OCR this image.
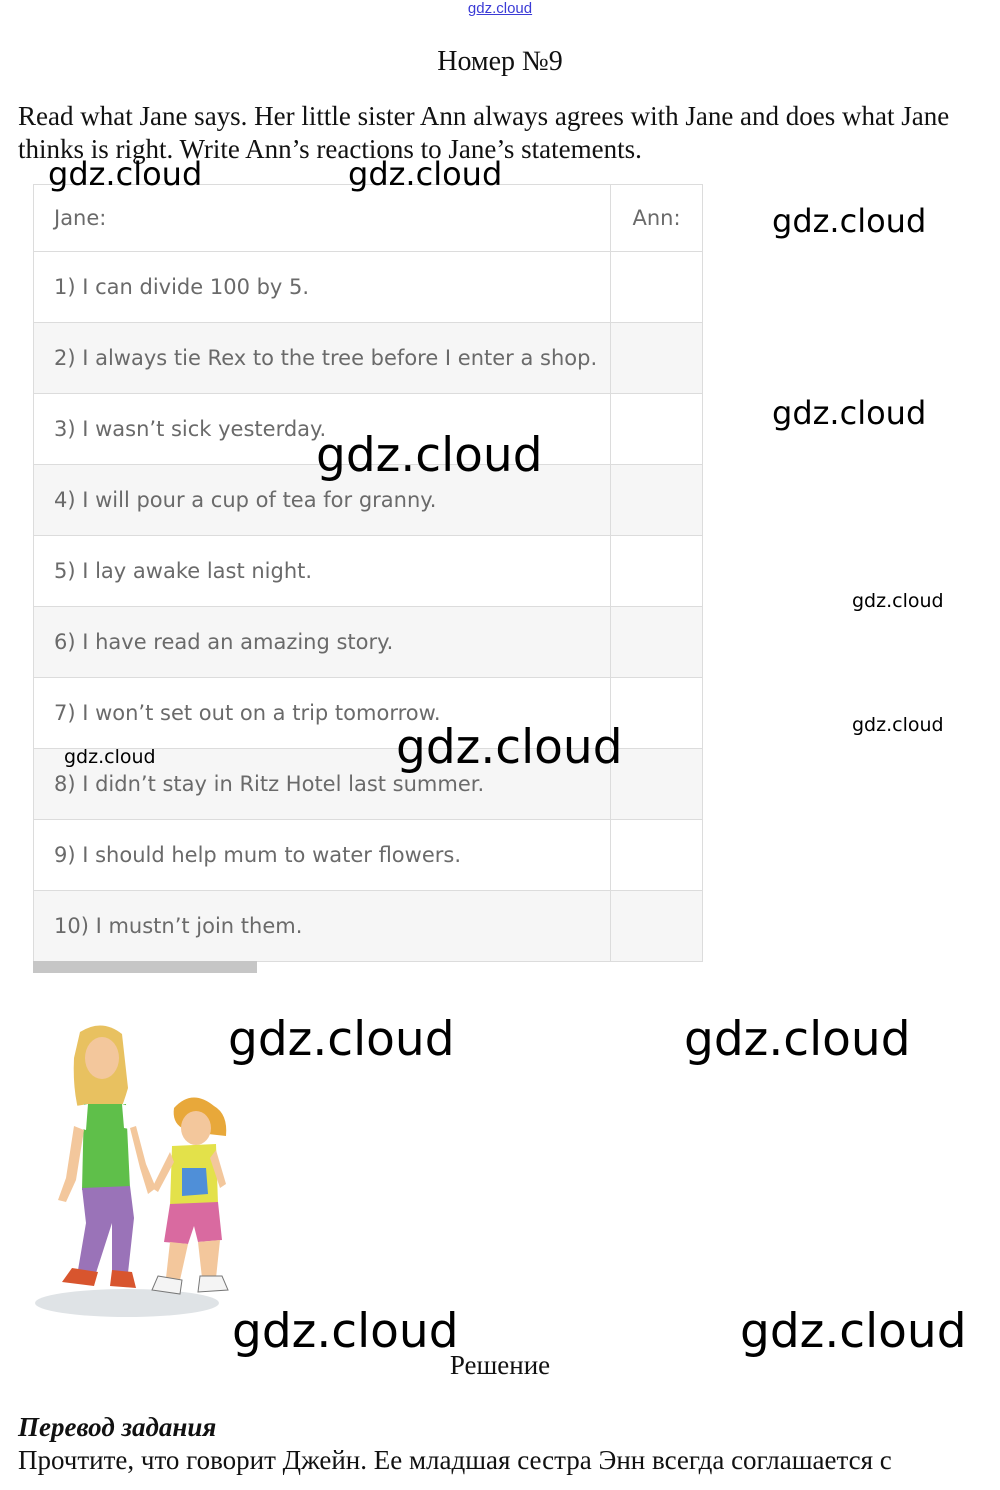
gdz.cloud
Номер №9
Read what Jane says. Her little sister Ann always agrees with Jane and does what Jane thinks is right. Write Ann’s reactions to Jane’s statements.
Jane:	Ann:
1) I can divide 100 by 5.
2) I always tie Rex to the tree before I enter a shop.
3) I wasn’t sick yesterday.
4) I will pour a cup of tea for granny.
5) I lay awake last night.
6) I have read an amazing story.
7) I won’t set out on a trip tomorrow.
8) I didn’t stay in Ritz Hotel last summer.
9) I should help mum to water flowers.
10) I mustn’t join them.
gdz.cloud	gdz.cloud
gdz.cloud
gdz.cloud
gdz.cloud
gdz.cloud
gdz.cloud
gdz.cloud	gdz.cloud
gdz.cloud	gdz.cloud
gdz.cloud	gdz.cloud
Решение
Перевод задания
Прочтите, что говорит Джейн. Ее младшая сестра Энн всегда соглашается с
